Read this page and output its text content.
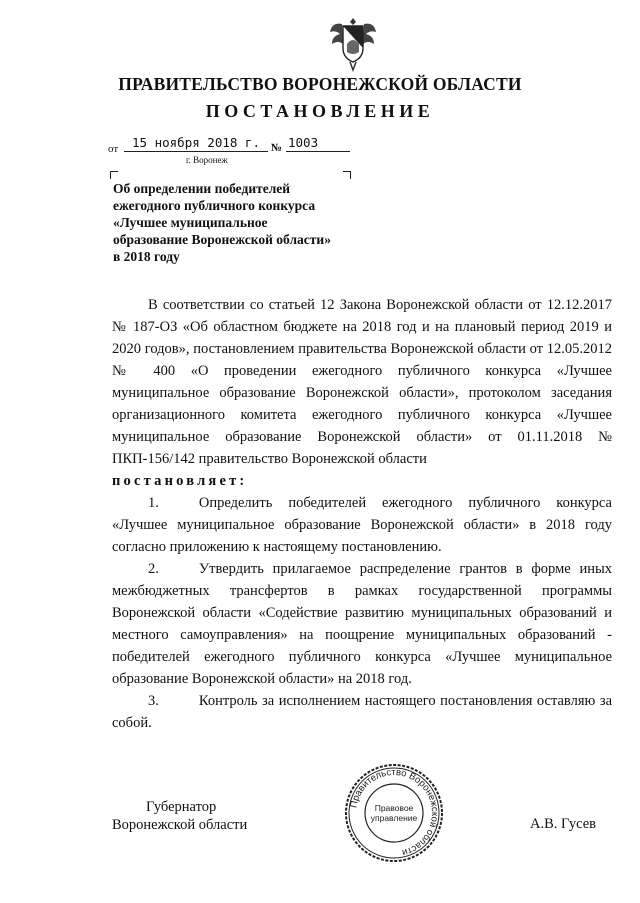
ПРАВИТЕЛЬСТВО ВОРОНЕЖСКОЙ ОБЛАСТИ
ПОСТАНОВЛЕНИЕ
от	15 ноября 2018 г.	№ 1003
г. Воронеж
Об определении победителей
ежегодного публичного конкурса
«Лучшее муниципальное
образование Воронежской области»
в 2018 году

В соответствии со статьей 12 Закона Воронежской области от 12.12.2017 № 187-ОЗ «Об областном бюджете на 2018 год и на плановый период 2019 и 2020 годов», постановлением правительства Воронежской области от 12.05.2012 № 400 «О проведении ежегодного публичного конкурса «Лучшее муниципальное образование Воронежской области», протоколом заседания организационного комитета ежегодного публичного конкурса «Лучшее муниципальное образование Воронежской области» от 01.11.2018 № ПКП-156/142 правительство Воронежской области

постановляет:

1.	Определить победителей ежегодного публичного конкурса «Лучшее муниципальное образование Воронежской области» в 2018 году согласно приложению к настоящему постановлению.

2.	Утвердить прилагаемое распределение грантов в форме иных межбюджетных трансфертов в рамках государственной программы Воронежской области «Содействие развитию муниципальных образований и местного самоуправления» на поощрение муниципальных образований - победителей ежегодного публичного конкурса «Лучшее муниципальное образование Воронежской области» на 2018 год.

3.	Контроль за исполнением настоящего постановления оставляю за собой.

Губернатор
Воронежской области	А.В. Гусев
Правительство Воронежской области
Правовое
управление
